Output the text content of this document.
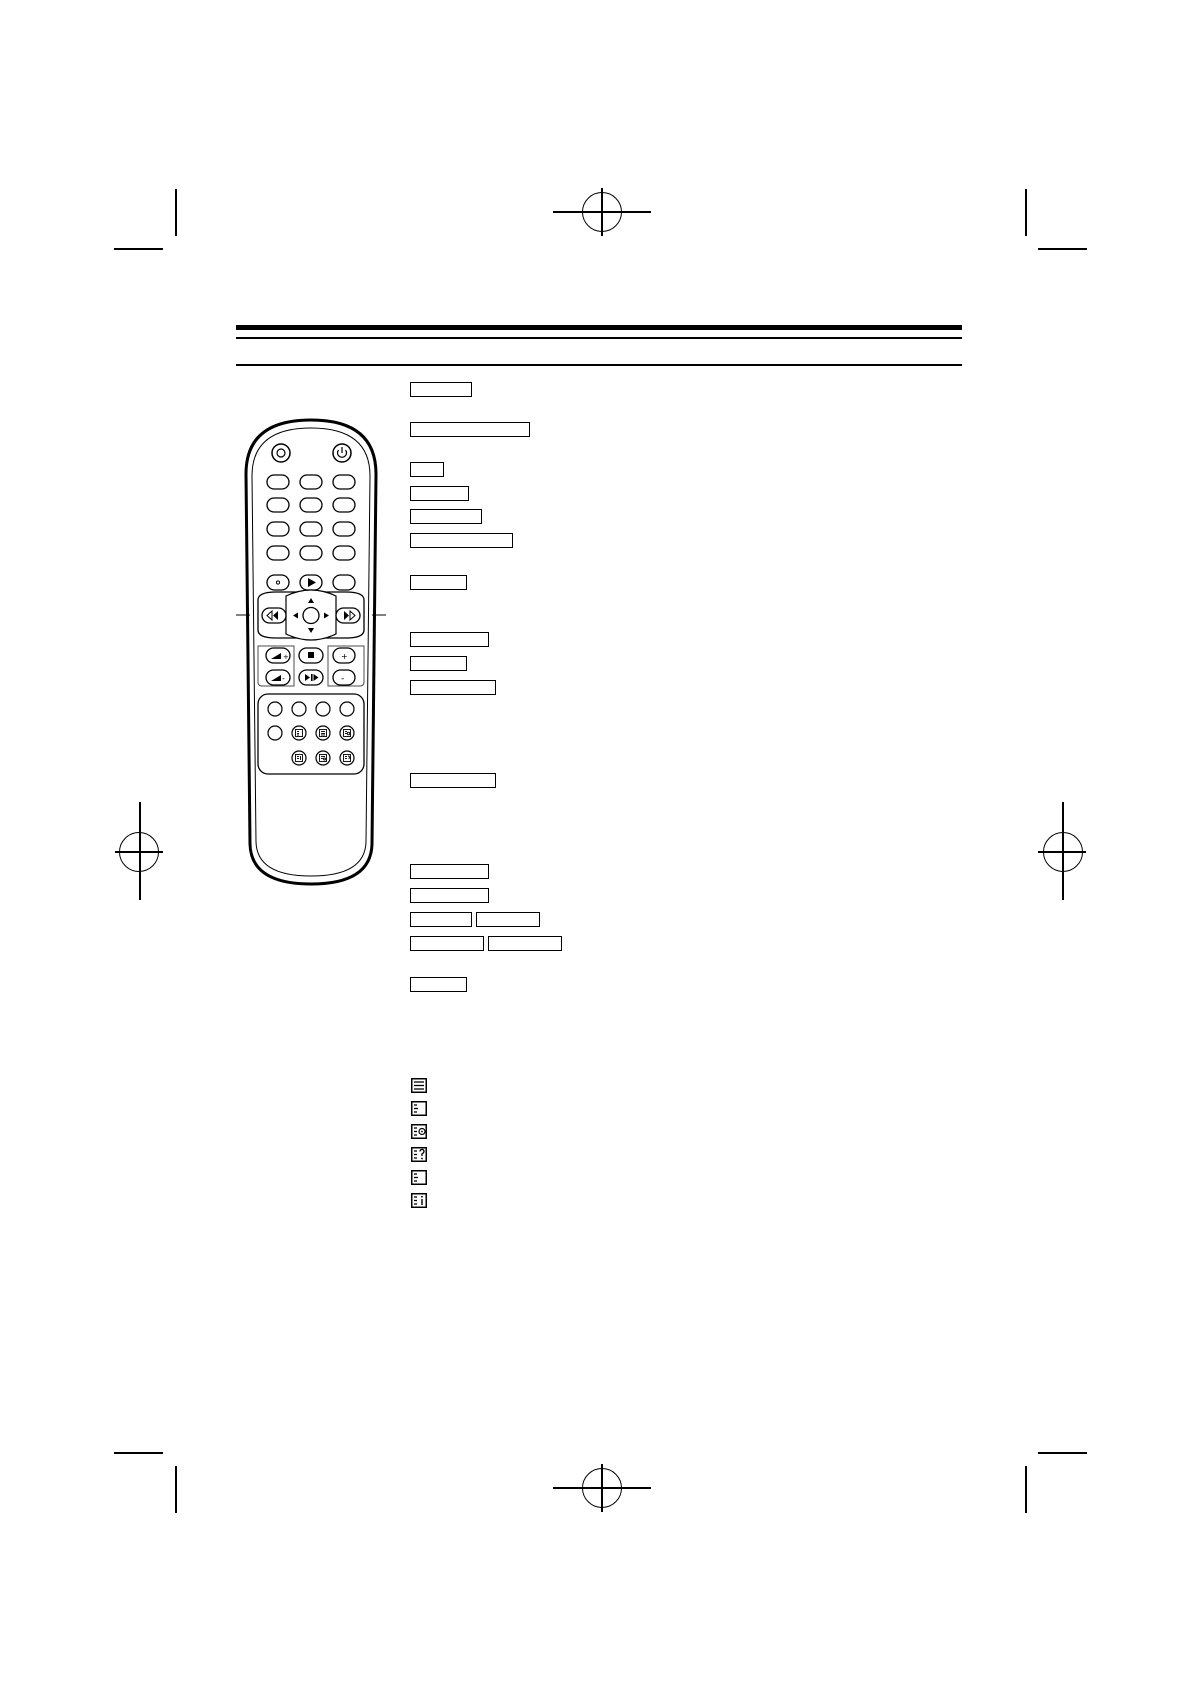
+	+
-	-
